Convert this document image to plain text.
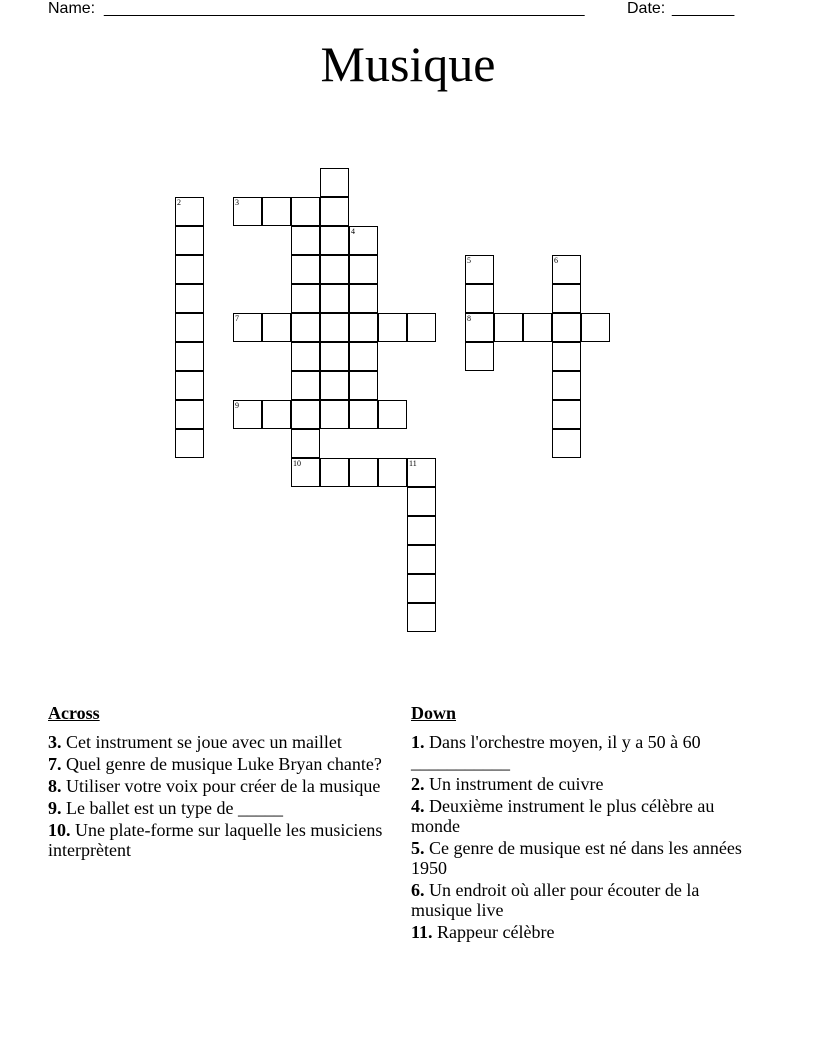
Name: ______________________________________________________	Date: _______
Musique
2	3
4
5	6
7	8
9
10	11
Across
3. Cet instrument se joue avec un maillet
7. Quel genre de musique Luke Bryan chante?
8. Utiliser votre voix pour créer de la musique
9. Le ballet est un type de _____
10. Une plate-forme sur laquelle les musiciens interprètent
Down
1. Dans l'orchestre moyen, il y a 50 à 60 ___________
2. Un instrument de cuivre
4. Deuxième instrument le plus célèbre au monde
5. Ce genre de musique est né dans les années 1950
6. Un endroit où aller pour écouter de la musique live
11. Rappeur célèbre
